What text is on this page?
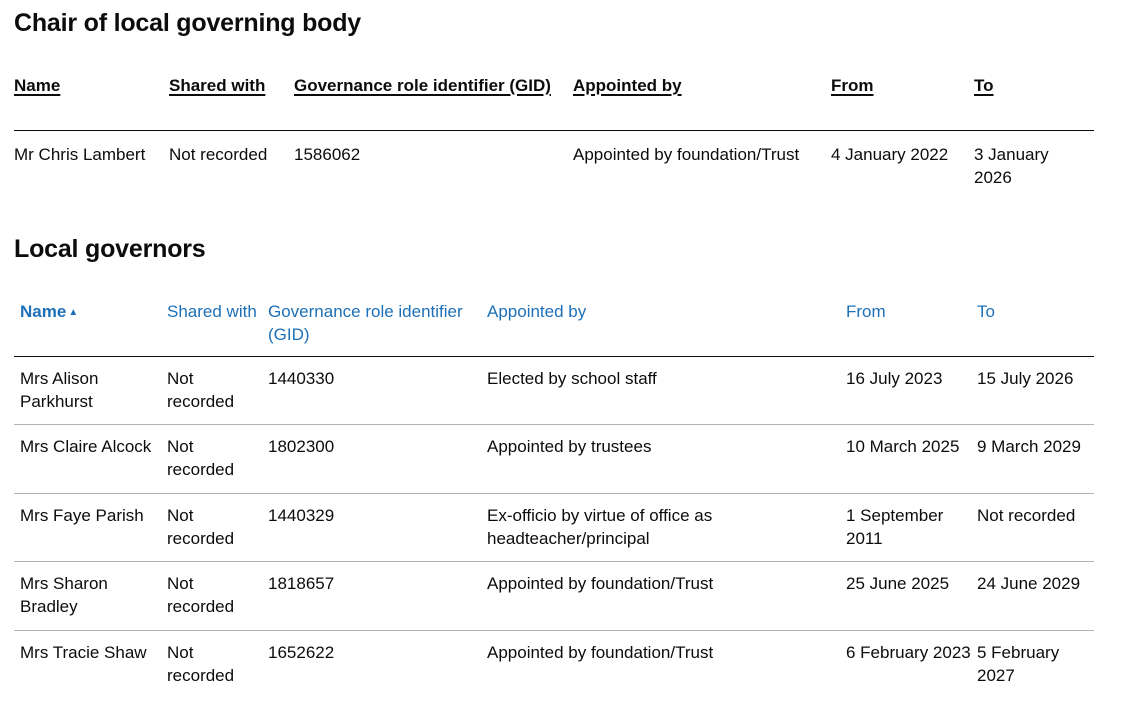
Chair of local governing body
Name	Shared with	Governance role identifier (GID)	Appointed by	From	To
Mr Chris Lambert	Not recorded	1586062	Appointed by foundation/Trust	4 January 2022	3 January 2026
Local governors
Name ▲	Shared with	Governance role identifier (GID)	Appointed by	From	To
Mrs Alison Parkhurst	Not recorded	1440330	Elected by school staff	16 July 2023	15 July 2026
Mrs Claire Alcock	Not recorded	1802300	Appointed by trustees	10 March 2025	9 March 2029
Mrs Faye Parish	Not recorded	1440329	Ex-officio by virtue of office as headteacher/principal	1 September 2011	Not recorded
Mrs Sharon Bradley	Not recorded	1818657	Appointed by foundation/Trust	25 June 2025	24 June 2029
Mrs Tracie Shaw	Not recorded	1652622	Appointed by foundation/Trust	6 February 2023	5 February 2027
